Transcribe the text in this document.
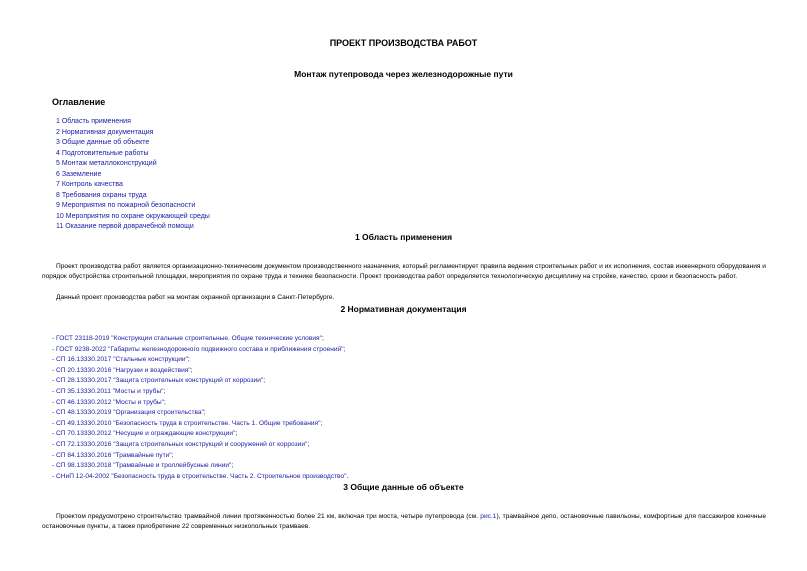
ПРОЕКТ ПРОИЗВОДСТВА РАБОТ
Монтаж путепровода через железнодорожные пути
Оглавление
1 Область применения
2 Нормативная документация
3 Общие данные об объекте
4 Подготовительные работы
5 Монтаж металлоконструкций
6 Заземление
7 Контроль качества
8 Требования охраны труда
9 Мероприятия по пожарной безопасности
10 Мероприятия по охране окружающей среды
11 Оказание первой доврачебной помощи
1 Область применения

Проект производства работ является организационно-техническим документом производственного назначения, который регламентирует правила ведения строительных работ и их исполнения, состав инженерного оборудования и порядок обустройства строительной площадки, мероприятия по охране труда и технике безопасности. Проект производства работ определяется технологическую дисциплину на стройке, качество, сроки и безопасность работ.

Данный проект производства работ на монтаж охранной организации в Санкт-Петербурге.

2 Нормативная документация
- ГОСТ 23118-2019 "Конструкции стальные строительные. Общие технические условия";
- ГОСТ 9238-2022 "Габариты железнодорожного подвижного состава и приближения строений";
- СП 16.13330.2017 "Стальные конструкции";
- СП 20.13330.2016 "Нагрузки и воздействия";
- СП 28.13330.2017 "Защита строительных конструкций от коррозии";
- СП 35.13330.2011 "Мосты и трубы";
- СП 46.13330.2012 "Мосты и трубы";
- СП 48.13330.2019 "Организация строительства";
- СП 49.13330.2010 "Безопасность труда в строительстве. Часть 1. Общие требования";
- СП 70.13330.2012 "Несущие и ограждающие конструкции";
- СП 72.13330.2016 "Защита строительных конструкций и сооружений от коррозии";
- СП 84.13330.2016 "Трамвайные пути";
- СП 98.13330.2018 "Трамвайные и троллейбусные линии";
- СНиП 12-04-2002 "Безопасность труда в строительстве. Часть 2. Строительное производство".
3 Общие данные об объекте

Проектом предусмотрено строительство трамвайной линии протяженностью более 21 км, включая три моста, четыре путепровода (см. рис.1), трамвайное депо, остановочные павильоны, комфортные для пассажиров конечные остановочные пункты, а также приобретение 22 современных низкопольных трамваев.
